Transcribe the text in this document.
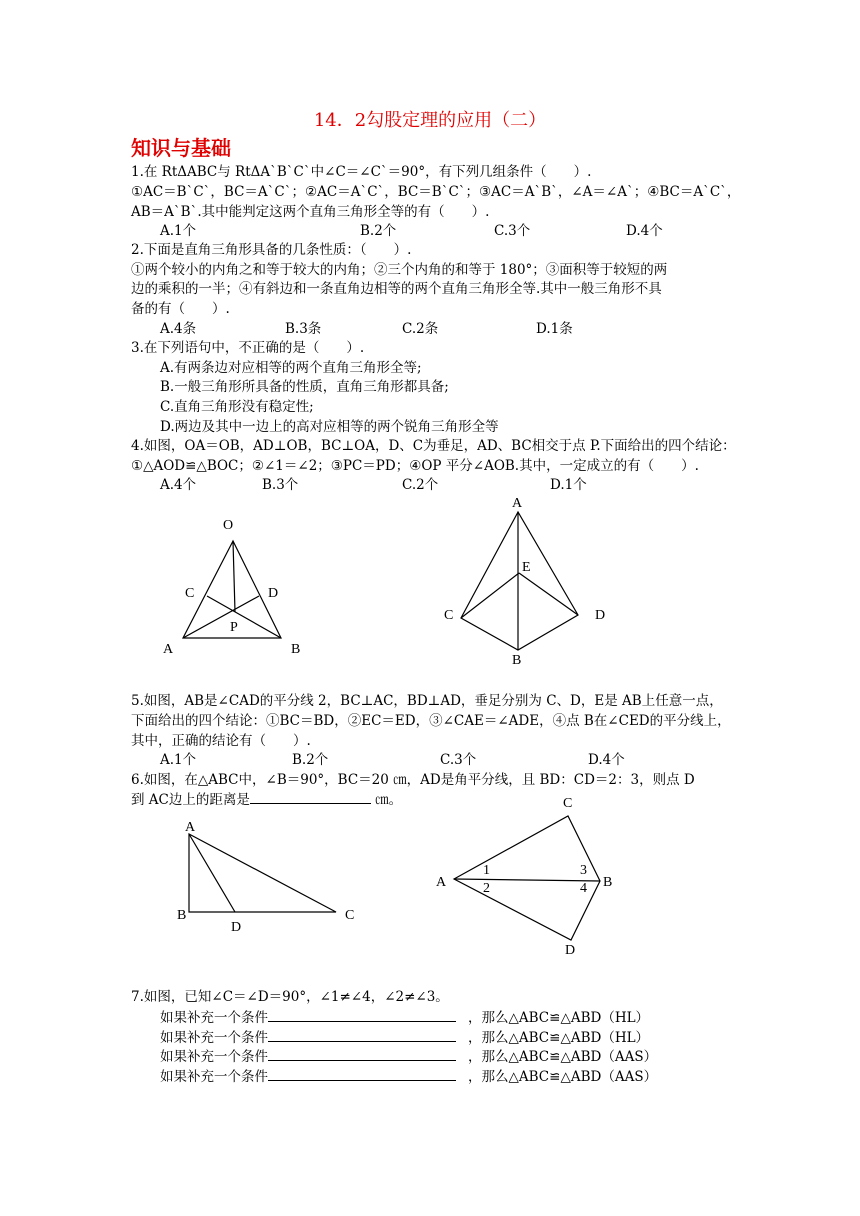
14．2勾股定理的应用（二）
知识与基础
1.在 RtΔABC与 RtΔA`B`C`中∠C＝∠C`＝90°，有下列几组条件（　　）.
①AC＝B`C`，BC＝A`C`；②AC＝A`C`，BC＝B`C`；③AC＝A`B`，∠A＝∠A`；④BC＝A`C`，
AB＝A`B`.其中能判定这两个直角三角形全等的有（　　）.
A.1个	B.2个	C.3个	D.4个
2.下面是直角三角形具备的几条性质：（　　）.
①两个较小的内角之和等于较大的内角；②三个内角的和等于 180°；③面积等于较短的两
边的乘积的一半；④有斜边和一条直角边相等的两个直角三角形全等.其中一般三角形不具
备的有（　　）.
A.4条	B.3条	C.2条	D.1条
3.在下列语句中，不正确的是（　　）.
A.有两条边对应相等的两个直角三角形全等;
B.一般三角形所具备的性质，直角三角形都具备;
C.直角三角形没有稳定性;
D.两边及其中一边上的高对应相等的两个锐角三角形全等
4.如图，OA＝OB，AD⊥OB，BC⊥OA，D、C为垂足，AD、BC相交于点 P.下面给出的四个结论：
①△AOD≌△BOC；②∠1＝∠2；③PC＝PD；④OP 平分∠AOB.其中，一定成立的有（　　）.
A.4个	B.3个	C.2个	D.1个
O
C	D
P
A	B
A
E
C	D
B
A
B
D
C
C
A	B
D
1
2
3
4
5.如图，AB是∠CAD的平分线 2，BC⊥AC，BD⊥AD，垂足分别为 C、D，E是 AB上任意一点，
下面给出的四个结论：①BC＝BD，②EC＝ED，③∠CAE＝∠ADE，④点 B在∠CED的平分线上，
其中，正确的结论有（　　）.
A.1个	B.2个	C.3个	D.4个
6.如图，在△ABC中，∠B＝90°，BC＝20 ㎝，AD是角平分线，且 BD：CD＝2：3，则点 D
到 AC边上的距离是	㎝。
7.如图，已知∠C＝∠D＝90°，∠1≠∠4，∠2≠∠3。
如果补充一个条件	，那么△ABC≌△ABD（HL）
如果补充一个条件	，那么△ABC≌△ABD（HL）
如果补充一个条件	，那么△ABC≌△ABD（AAS）
如果补充一个条件	，那么△ABC≌△ABD（AAS）
